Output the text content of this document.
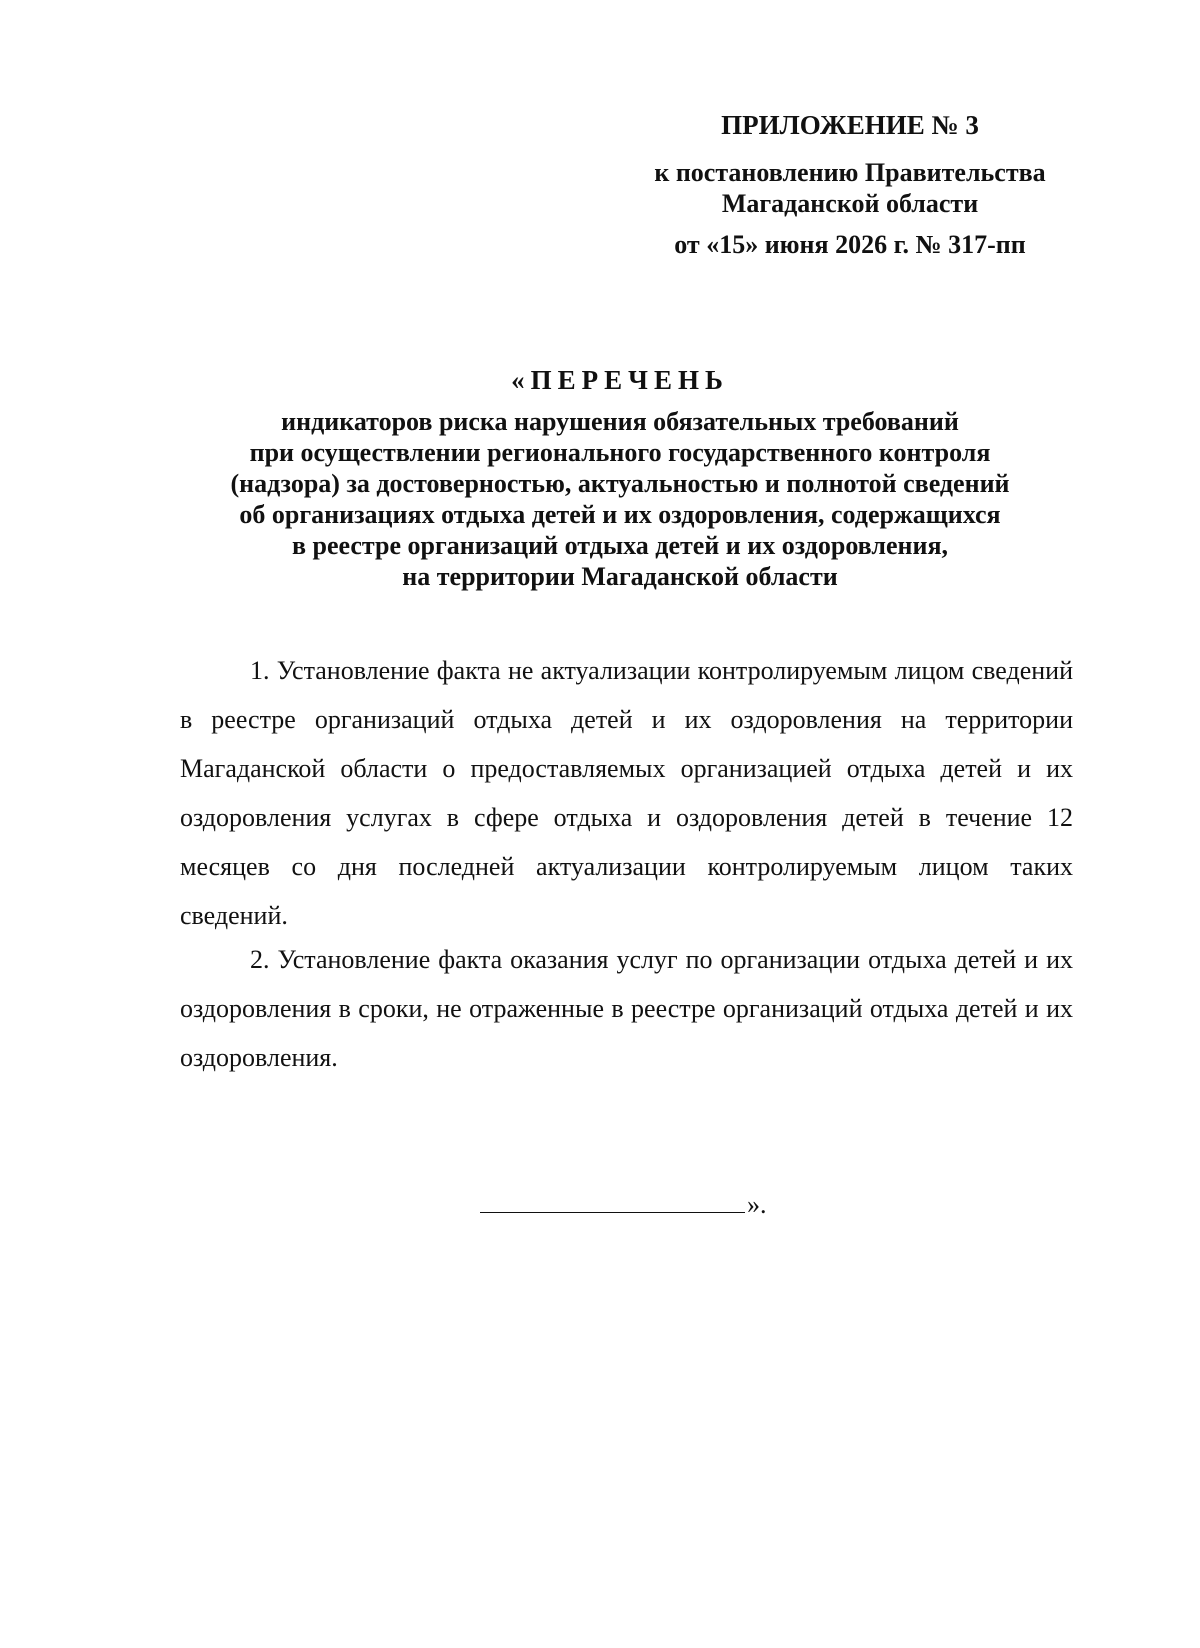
ПРИЛОЖЕНИЕ № 3
к постановлению Правительства
Магаданской области
от «15» июня 2026 г. № 317-пп
«ПЕРЕЧЕНЬ
индикаторов риска нарушения обязательных требований
при осуществлении регионального государственного контроля
(надзора) за достоверностью, актуальностью и полнотой сведений
об организациях отдыха детей и их оздоровления, содержащихся
в реестре организаций отдыха детей и их оздоровления,
на территории Магаданской области

1. Установление факта не актуализации контролируемым лицом сведений в реестре организаций отдыха детей и их оздоровления на территории Магаданской области о предоставляемых организацией отдыха детей и их оздоровления услугах в сфере отдыха и оздоровления детей в течение 12 месяцев со дня последней актуализации контролируемым лицом таких сведений.

2. Установление факта оказания услуг по организации отдыха детей и их оздоровления в сроки, не отраженные в реестре организаций отдыха детей и их оздоровления.

».
